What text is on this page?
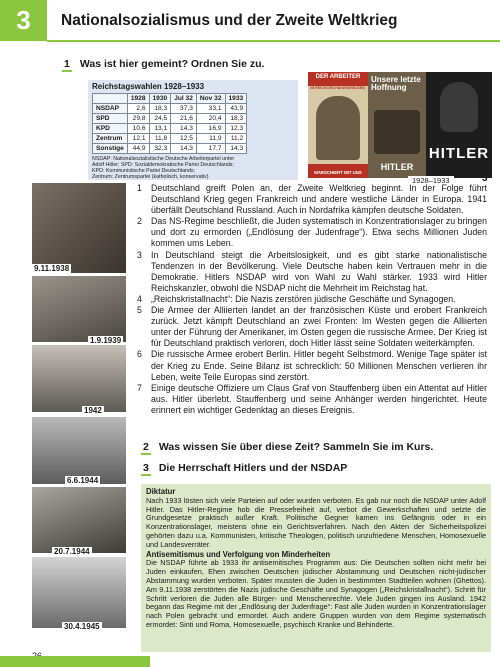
3 Nationalsozialismus und der Zweite Weltkrieg
1 Was ist hier gemeint? Ordnen Sie zu.
Reichstagswahlen 1928–1933
	1928	1930	Jul 32	Nov 32	1933
NSDAP	2,6	18,3	37,3	33,1	43,9
SPD	29,8	24,5	21,6	20,4	18,3
KPD	10,6	13,1	14,3	16,9	12,3
Zentrum	12,1	11,8	12,5	11,9	11,2
Sonstige	44,9	32,3	14,3	17,7	14,3
NSDAP: Nationalsozialistische Deutsche Arbeiterpartei unter
Adolf Hitler; SPD: Sozialdemokratische Partei Deutschlands;
KPD: Kommunistische Partei Deutschlands;
Zentrum: Zentrumspartei (katholisch, konservativ)
DER ARBEITER
IM REICH DES HAKENKREUZES!
MARSCHIERT MIT UNS
Unsere letzte Hoffnung
HITLER
HITLER
1928–1933	3
9.11.1938
1.9.1939
1942
6.6.1944
20.7.1944
30.4.1945
1	Deutschland greift Polen an, der Zweite Weltkrieg beginnt. In der Folge führt Deutschland Krieg gegen Frankreich und andere westliche Länder in Europa. 1941 überfällt Deutschland Russland. Auch in Nordafrika kämpfen deutsche Soldaten.
2	Das NS-Regime beschließt, die Juden systematisch in Konzentrationslager zu bringen und dort zu ermorden („Endlösung der Judenfrage“). Etwa sechs Millionen Juden kommen ums Leben.
3	In Deutschland steigt die Arbeitslosigkeit, und es gibt starke nationalistische Tendenzen in der Bevölkerung. Viele Deutsche haben kein Vertrauen mehr in die Demokratie. Hitlers NSDAP wird von Wahl zu Wahl stärker. 1933 wird Hitler Reichskanzler, obwohl die NSDAP nicht die Mehrheit im Reichstag hat.
4	„Reichskristallnacht“: Die Nazis zerstören jüdische Geschäfte und Synagogen.
5	Die Armee der Alliierten landet an der französischen Küste und erobert Frankreich zurück. Jetzt kämpft Deutschland an zwei Fronten: Im Westen gegen die Alliierten unter der Führung der Amerikaner, im Osten gegen die russische Armee. Der Krieg ist für Deutschland praktisch verloren, doch Hitler lässt seine Soldaten weiterkämpfen.
6	Die russische Armee erobert Berlin. Hitler begeht Selbstmord. Wenige Tage später ist der Krieg zu Ende. Seine Bilanz ist schrecklich: 50 Millionen Menschen verlieren ihr Leben, weite Teile Europas sind zerstört.
7	Einige deutsche Offiziere um Claus Graf von Stauffenberg üben ein Attentat auf Hitler aus. Hitler überlebt. Stauffenberg und seine Anhänger werden hingerichtet. Heute erinnert ein wichtiger Gedenktag an dieses Ereignis.
2 Was wissen Sie über diese Zeit? Sammeln Sie im Kurs.
3 Die Herrschaft Hitlers und der NSDAP
Diktatur

Nach 1933 lösten sich viele Parteien auf oder wurden verboten. Es gab nur noch die NSDAP unter Adolf Hitler. Das Hitler-Regime hob die Pressefreiheit auf, verbot die Gewerkschaften und setzte die Grundgesetze praktisch außer Kraft. Politische Gegner kamen ins Gefängnis oder in ein Konzentrationslager, meistens ohne ein Gerichtsverfahren. Nach den Akten der Sicherheitspolizei gehörten dazu u.a. Kommunisten, kritische Theologen, politisch unzufriedene Menschen, Homosexuelle und Landesverräter.

Antisemitismus und Verfolgung von Minderheiten

Die NSDAP führte ab 1933 ihr antisemitisches Programm aus: Die Deutschen sollten nicht mehr bei Juden einkaufen, Ehen zwischen Deutschen jüdischer Abstammung und Deutschen nicht-jüdischer Abstammung wurden verboten. Später mussten die Juden in bestimmten Stadtteilen wohnen (Ghettos). Am 9.11.1938 zerstörten die Nazis jüdische Geschäfte und Synagogen („Reichskristallnacht“). Schritt für Schritt verloren die Juden alle Bürger- und Menschenrechte. Viele Juden gingen ins Ausland. 1942 begann das Regime mit der „Endlösung der Judenfrage“: Fast alle Juden wurden in Konzentrationslager nach Polen gebracht und ermordet. Auch andere Gruppen wurden von dem Regime systematisch ermordet: Sinti und Roma, Homosexuelle, psychisch Kranke und Behinderte.
